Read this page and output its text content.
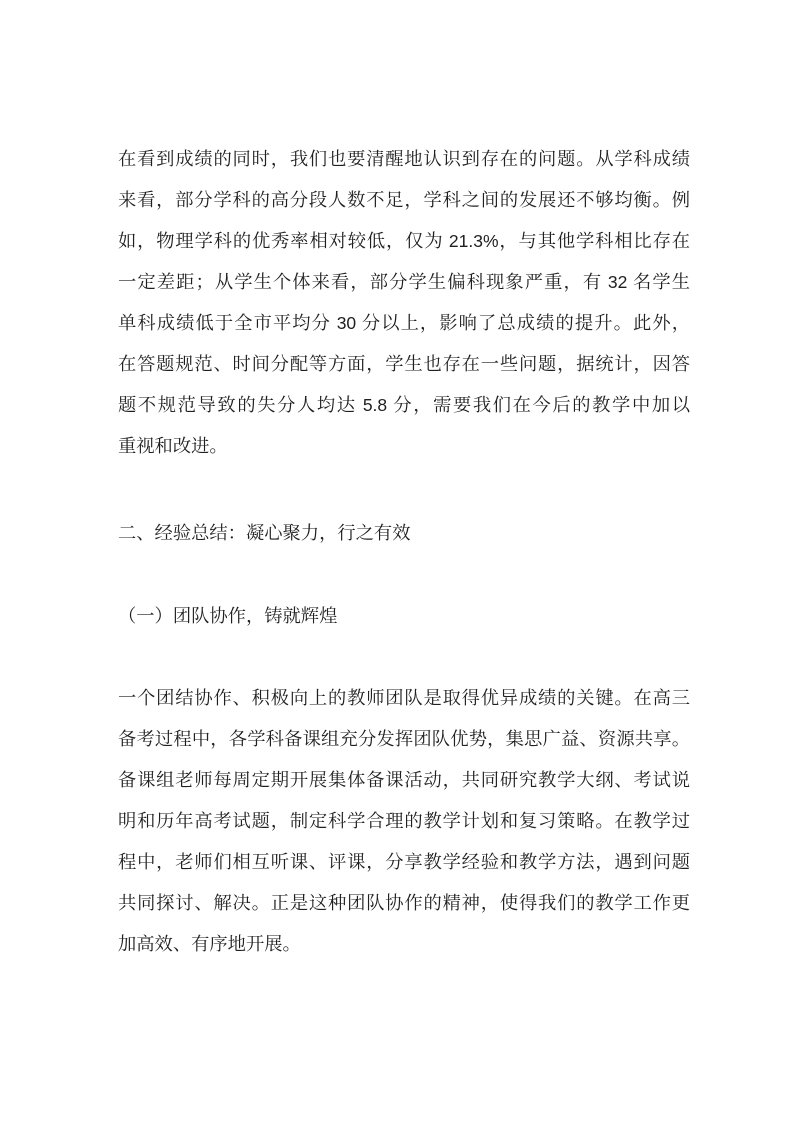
在看到成绩的同时，我们也要清醒地认识到存在的问题。从学科成绩
来看，部分学科的高分段人数不足，学科之间的发展还不够均衡。例
如，物理学科的优秀率相对较低，仅为 21.3%，与其他学科相比存在
一定差距；从学生个体来看，部分学生偏科现象严重，有 32 名学生
单科成绩低于全市平均分 30 分以上，影响了总成绩的提升。此外，
在答题规范、时间分配等方面，学生也存在一些问题，据统计，因答
题不规范导致的失分人均达 5.8 分，需要我们在今后的教学中加以
重视和改进。
二、经验总结：凝心聚力，行之有效
（一）团队协作，铸就辉煌
一个团结协作、积极向上的教师团队是取得优异成绩的关键。在高三
备考过程中，各学科备课组充分发挥团队优势，集思广益、资源共享。
备课组老师每周定期开展集体备课活动，共同研究教学大纲、考试说
明和历年高考试题，制定科学合理的教学计划和复习策略。在教学过
程中，老师们相互听课、评课，分享教学经验和教学方法，遇到问题
共同探讨、解决。正是这种团队协作的精神，使得我们的教学工作更
加高效、有序地开展。
